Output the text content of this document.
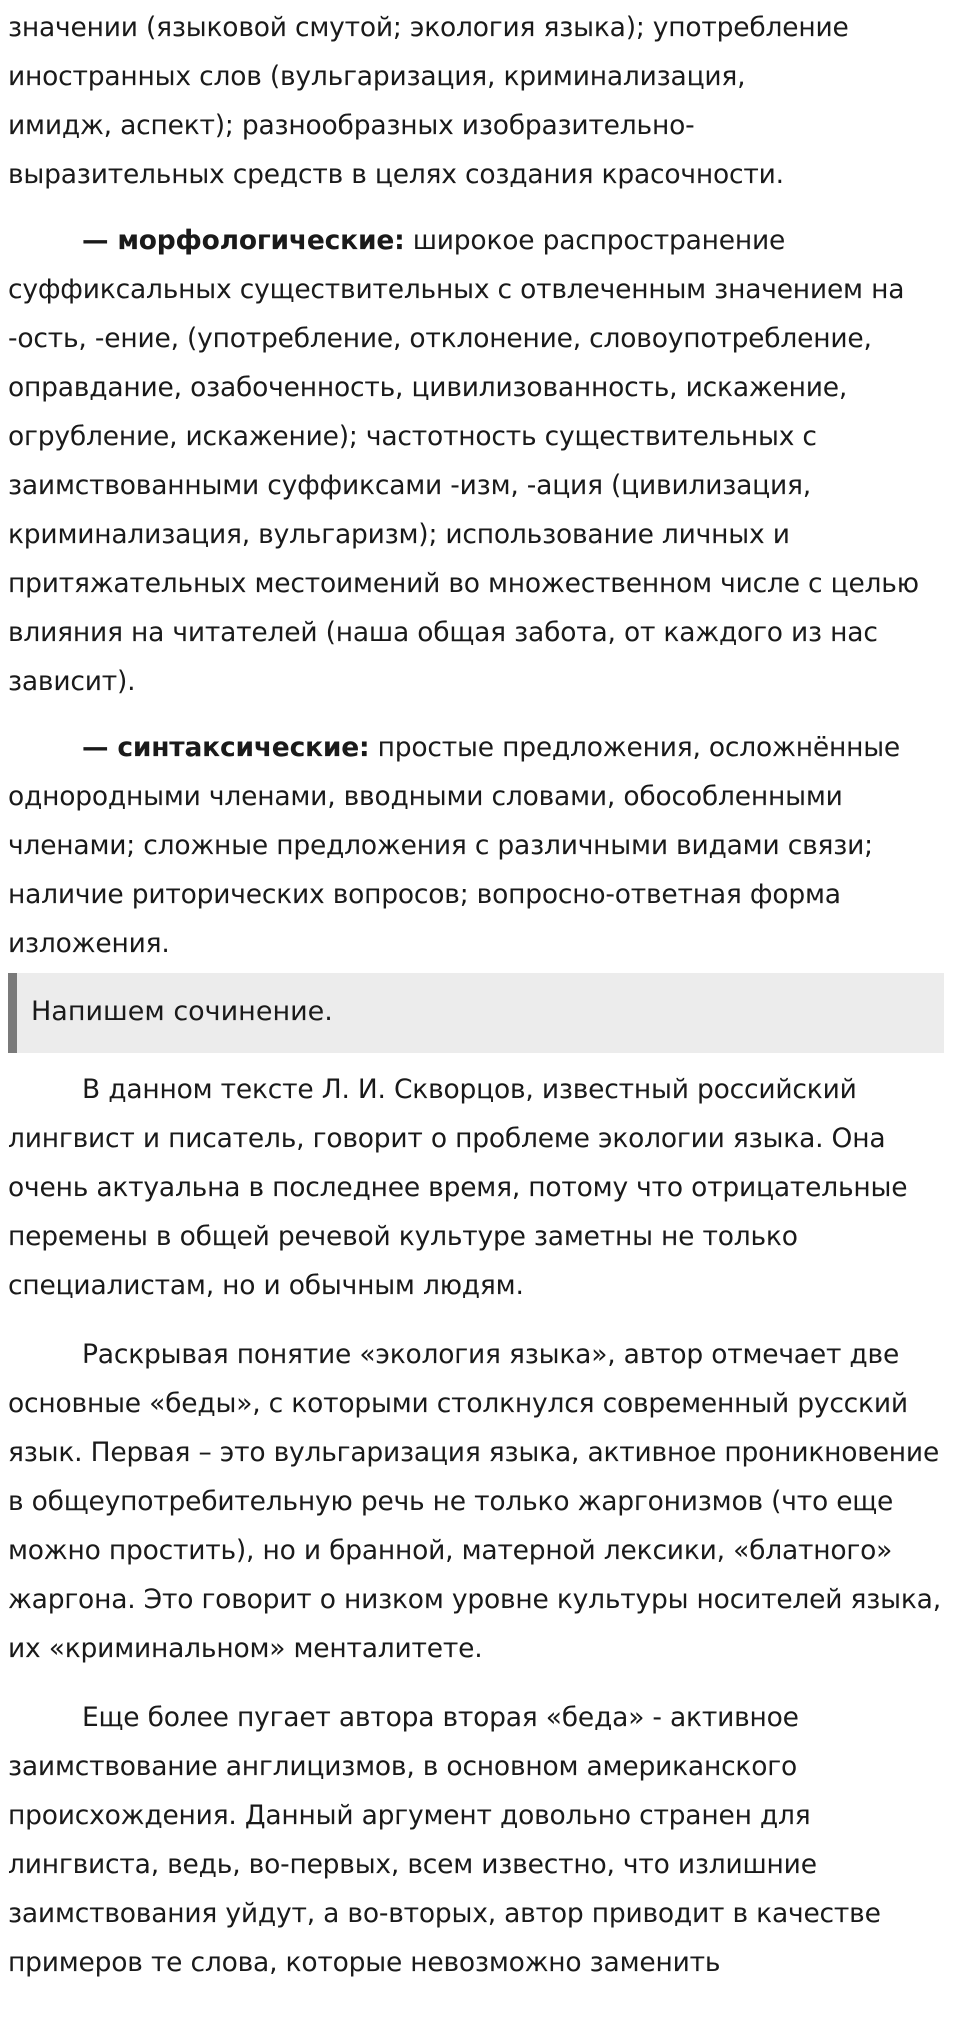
значении (языковой смутой; экология языка); употребление
иностранных слов (вульгаризация, криминализация,
имидж, аспект); разнообразных изобразительно-
выразительных средств в целях создания красочности.

— морфологические: широкое распространение суффиксальных существительных с отвлеченным значением на -ость, -ение, (употребление, отклонение, словоупотребление, оправдание, озабоченность, цивилизованность, искажение, огрубление, искажение); частотность существительных с заимствованными суффиксами -изм, -ация (цивилизация, криминализация, вульгаризм); использование личных и притяжательных местоимений во множественном числе с целью влияния на читателей (наша общая забота, от каждого из нас зависит).

— синтаксические: простые предложения, осложнённые однородными членами, вводными словами, обособленными членами; сложные предложения с различными видами связи; наличие риторических вопросов; вопросно-ответная форма изложения.

Напишем сочинение.

В данном тексте Л. И. Скворцов, известный российский лингвист и писатель, говорит о проблеме экологии языка. Она очень актуальна в последнее время, потому что отрицательные перемены в общей речевой культуре заметны не только специалистам, но и обычным людям.

Раскрывая понятие «экология языка», автор отмечает две основные «беды», с которыми столкнулся современный русский язык. Первая – это вульгаризация языка, активное проникновение в общеупотребительную речь не только жаргонизмов (что еще можно простить), но и бранной, матерной лексики, «блатного» жаргона. Это говорит о низком уровне культуры носителей языка, их «криминальном» менталитете.

Еще более пугает автора вторая «беда» - активное заимствование англицизмов, в основном американского происхождения. Данный аргумент довольно странен для лингвиста, ведь, во-первых, всем известно, что излишние заимствования уйдут, а во-вторых, автор приводит в качестве примеров те слова, которые невозможно заменить
